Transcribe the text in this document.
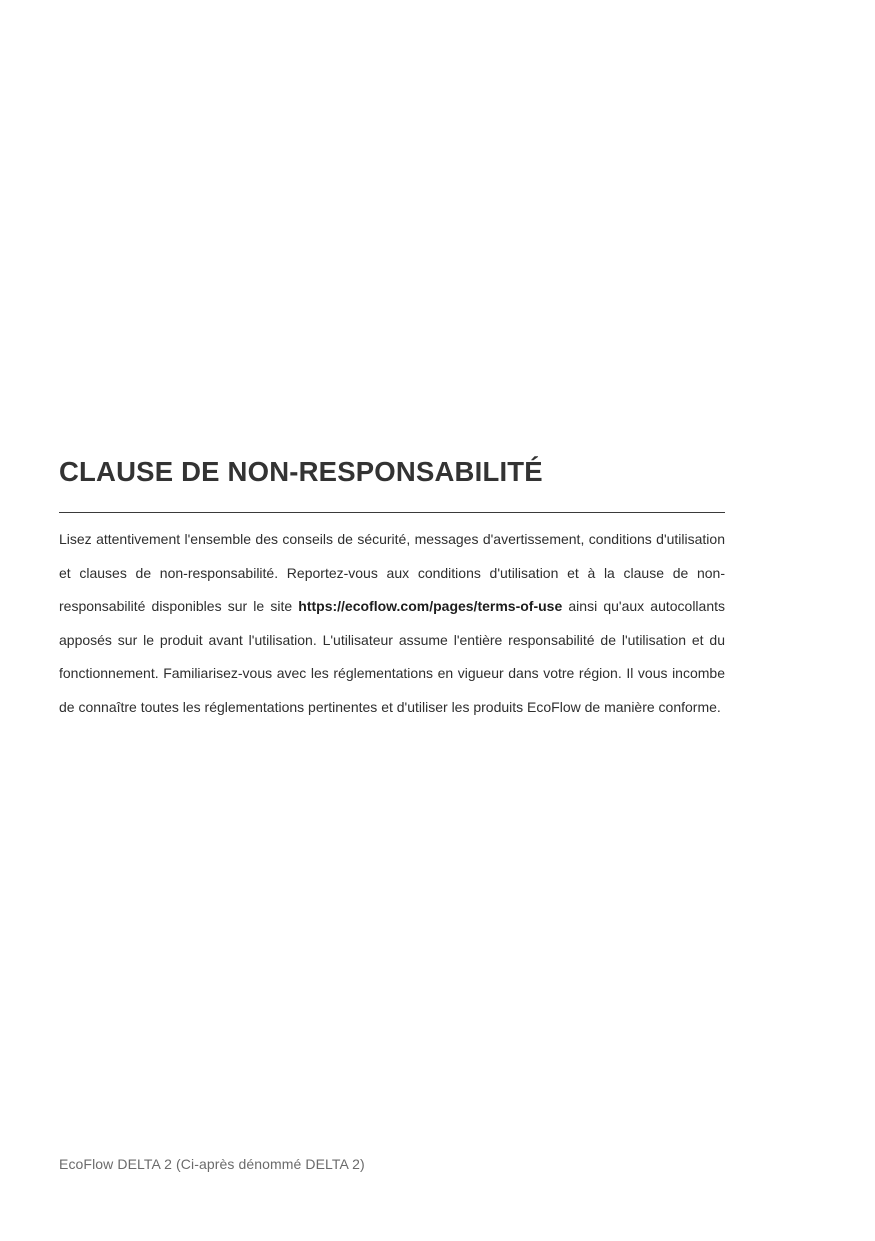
CLAUSE DE NON-RESPONSABILITÉ

Lisez attentivement l'ensemble des conseils de sécurité, messages d'avertissement, conditions d'utilisation et clauses de non-responsabilité. Reportez-vous aux conditions d'utilisation et à la clause de non-responsabilité disponibles sur le site https://ecoflow.com/pages/terms-of-use ainsi qu'aux autocollants apposés sur le produit avant l'utilisation. L'utilisateur assume l'entière responsabilité de l'utilisation et du fonctionnement. Familiarisez-vous avec les réglementations en vigueur dans votre région. Il vous incombe de connaître toutes les réglementations pertinentes et d'utiliser les produits EcoFlow de manière conforme.

EcoFlow DELTA 2 (Ci-après dénommé DELTA 2)
